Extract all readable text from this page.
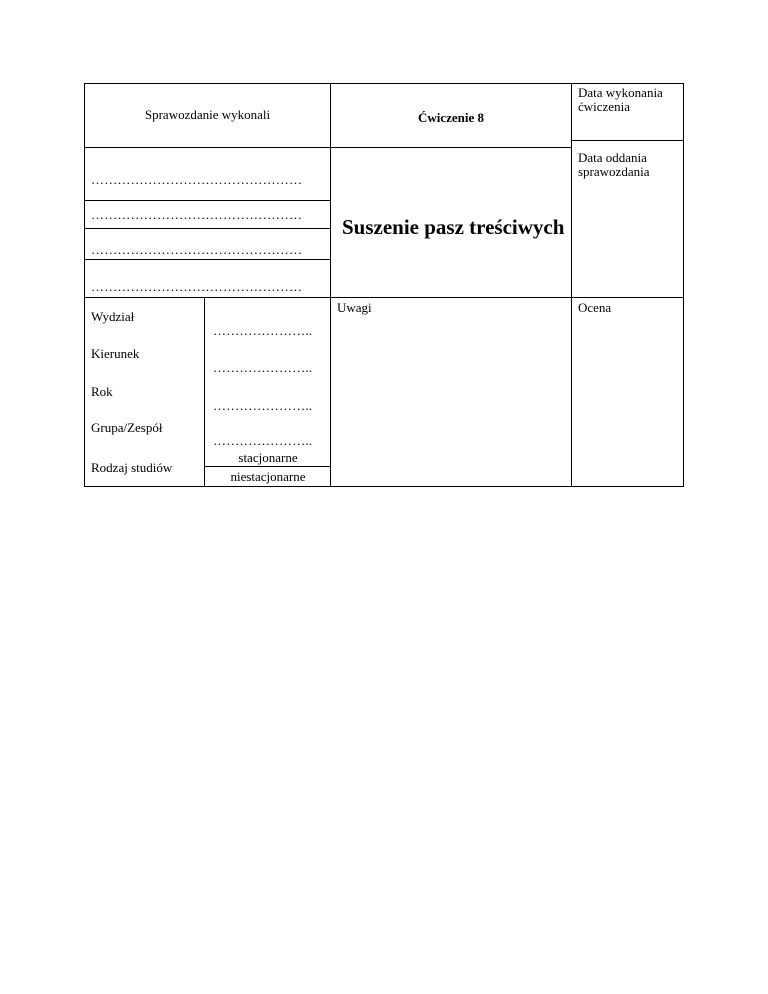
Sprawozdanie wykonali	Ćwiczenie 8
Data wykonania
ćwiczenia
Data oddania
sprawozdania
Suszenie pasz treściwych
…………………………………………
…………………………………………
…………………………………………
…………………………………………
Wydział
…………………..
Kierunek
…………………..
Rok
…………………..
Grupa/Zespół
…………………..
Rodzaj studiów
stacjonarne
niestacjonarne
Uwagi	Ocena
